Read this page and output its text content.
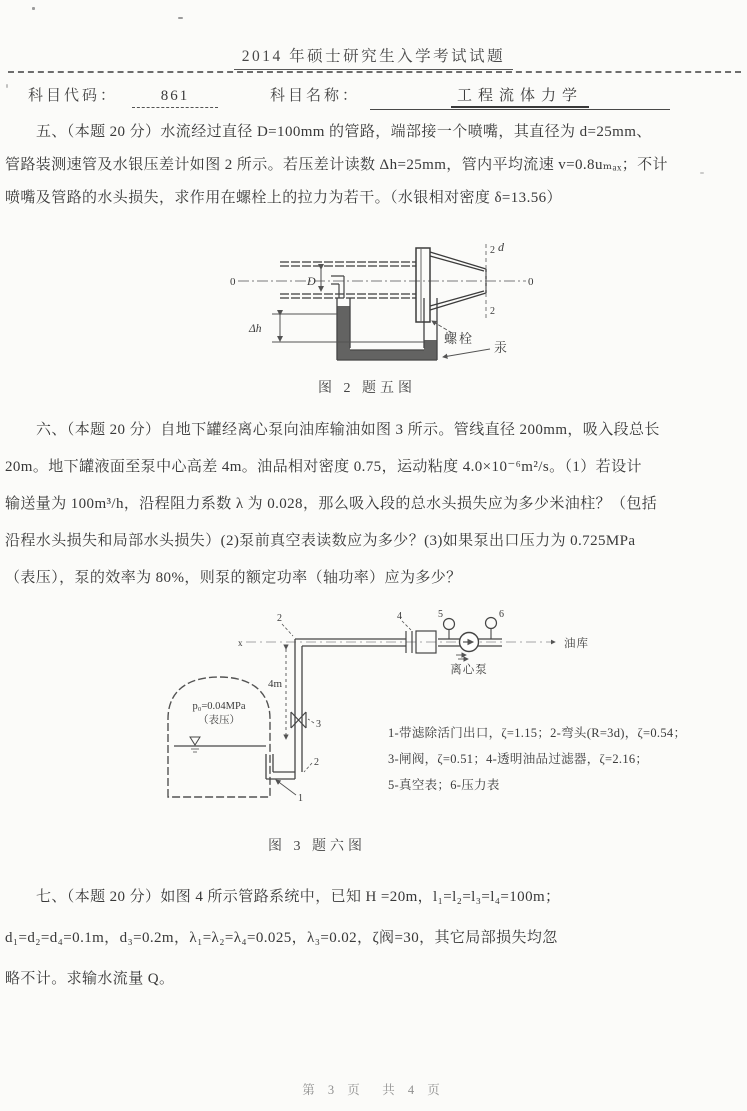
2014 年硕士研究生入学考试试题
科目代码：	861	科目名称：	工程流体力学
五、（本题 20 分）水流经过直径 D=100mm 的管路，端部接一个喷嘴，其直径为 d=25mm、
管路装测速管及水银压差计如图 2 所示。若压差计读数 Δh=25mm，管内平均流速 v=0.8uₘₐₓ；不计
喷嘴及管路的水头损失，求作用在螺栓上的拉力为若干。（水银相对密度 δ=13.56）
0	0
D
Δh
汞
2
2
d
螺栓
图 2 题五图
六、（本题 20 分）自地下罐经离心泵向油库输油如图 3 所示。管线直径 200mm，吸入段总长
20m。地下罐液面至泵中心高差 4m。油品相对密度 0.75，运动粘度 4.0×10⁻⁶m²/s。（1）若设计
输送量为 100m³/h，沿程阻力系数 λ 为 0.028，那么吸入段的总水头损失应为多少米油柱？（包括
沿程水头损失和局部水头损失）(2)泵前真空表读数应为多少？(3)如果泵出口压力为 0.725MPa
（表压），泵的效率为 80%，则泵的额定功率（轴功率）应为多少？
x
p₀=0.04MPa
（表压）	3
2
1
2
4m
4	5	6
离心泵
油库
1-带滤除活门出口，ζ=1.15；2-弯头(R=3d)，ζ=0.54；
3-闸阀，ζ=0.51；4-透明油品过滤器，ζ=2.16；
5-真空表；6-压力表
图 3 题六图
七、（本题 20 分）如图 4 所示管路系统中，已知 H =20m，l₁=l₂=l₃=l₄=100m；
d₁=d₂=d₄=0.1m，d₃=0.2m，λ₁=λ₂=λ₄=0.025，λ₃=0.02，ζ阀=30，其它局部损失均忽
略不计。求输水流量 Q。
第 3 页　共 4 页
